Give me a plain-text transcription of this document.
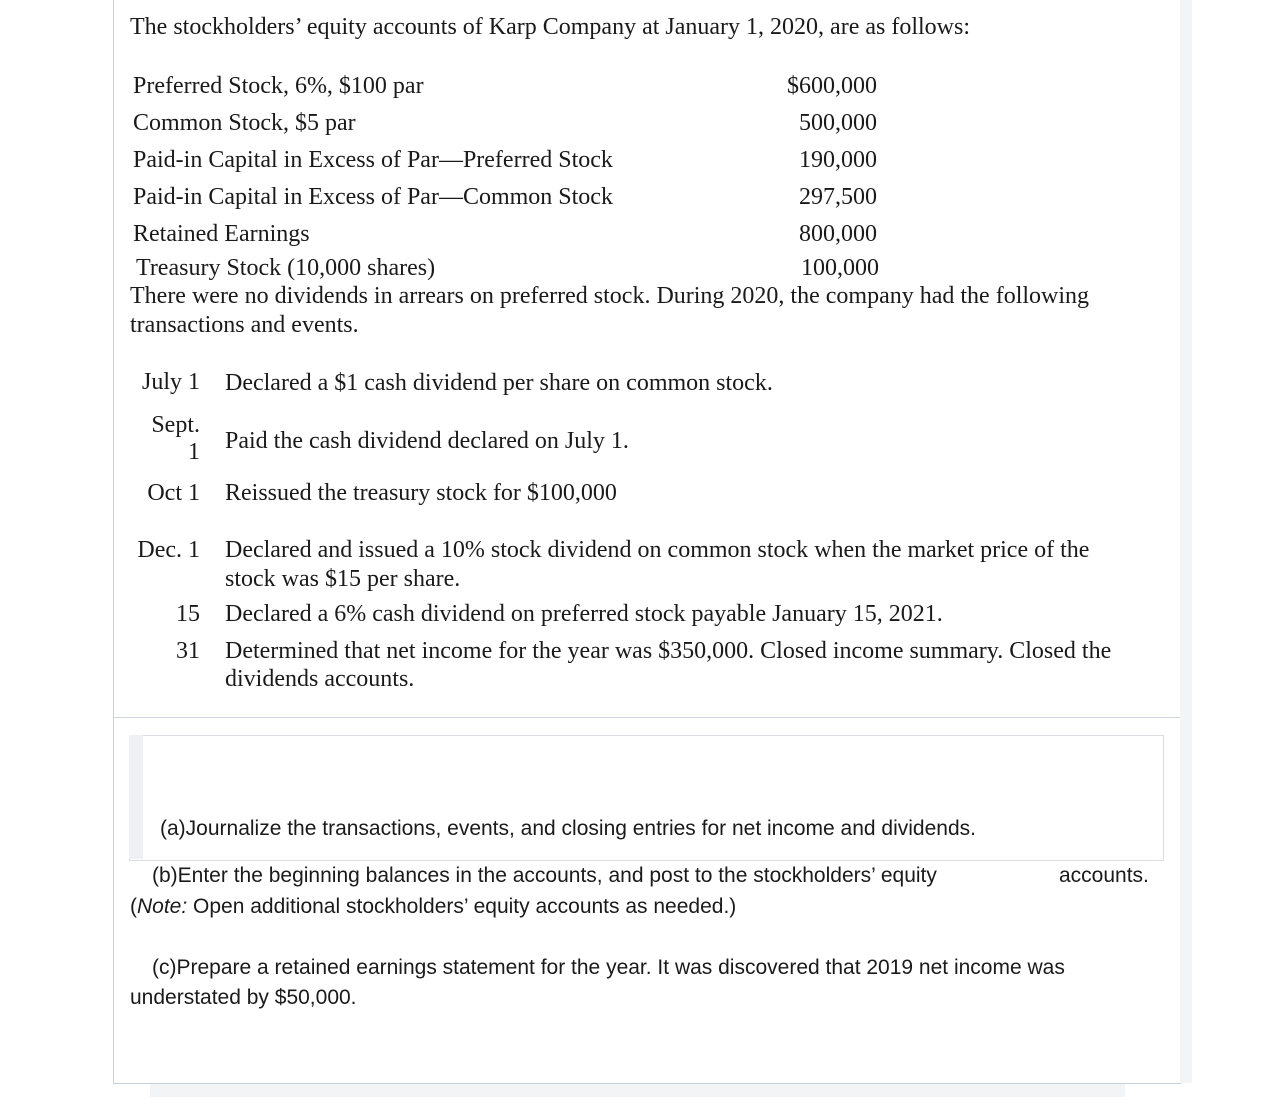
The stockholders’ equity accounts of Karp Company at January 1, 2020, are as follows:
Preferred Stock, 6%, $100 par	$600,000
Common Stock, $5 par	500,000
Paid-in Capital in Excess of Par—Preferred Stock	190,000
Paid-in Capital in Excess of Par—Common Stock	297,500
Retained Earnings	800,000
Treasury Stock (10,000 shares)	100,000
There were no dividends in arrears on preferred stock. During 2020, the company had the following
transactions and events.
July 1 Declared a $1 cash dividend per share on common stock.
Sept.
1 Paid the cash dividend declared on July 1.
Oct 1 Reissued the treasury stock for $100,000
Dec. 1 Declared and issued a 10% stock dividend on common stock when the market price of the
stock was $15 per share.
15 Declared a 6% cash dividend on preferred stock payable January 15, 2021.
31 Determined that net income for the year was $350,000. Closed income summary. Closed the
dividends accounts.
(a)Journalize the transactions, events, and closing entries for net income and dividends.
(b)Enter the beginning balances in the accounts, and post to the stockholders’ equity	accounts.
(Note: Open additional stockholders’ equity accounts as needed.)
(c)Prepare a retained earnings statement for the year. It was discovered that 2019 net income was
understated by $50,000.
